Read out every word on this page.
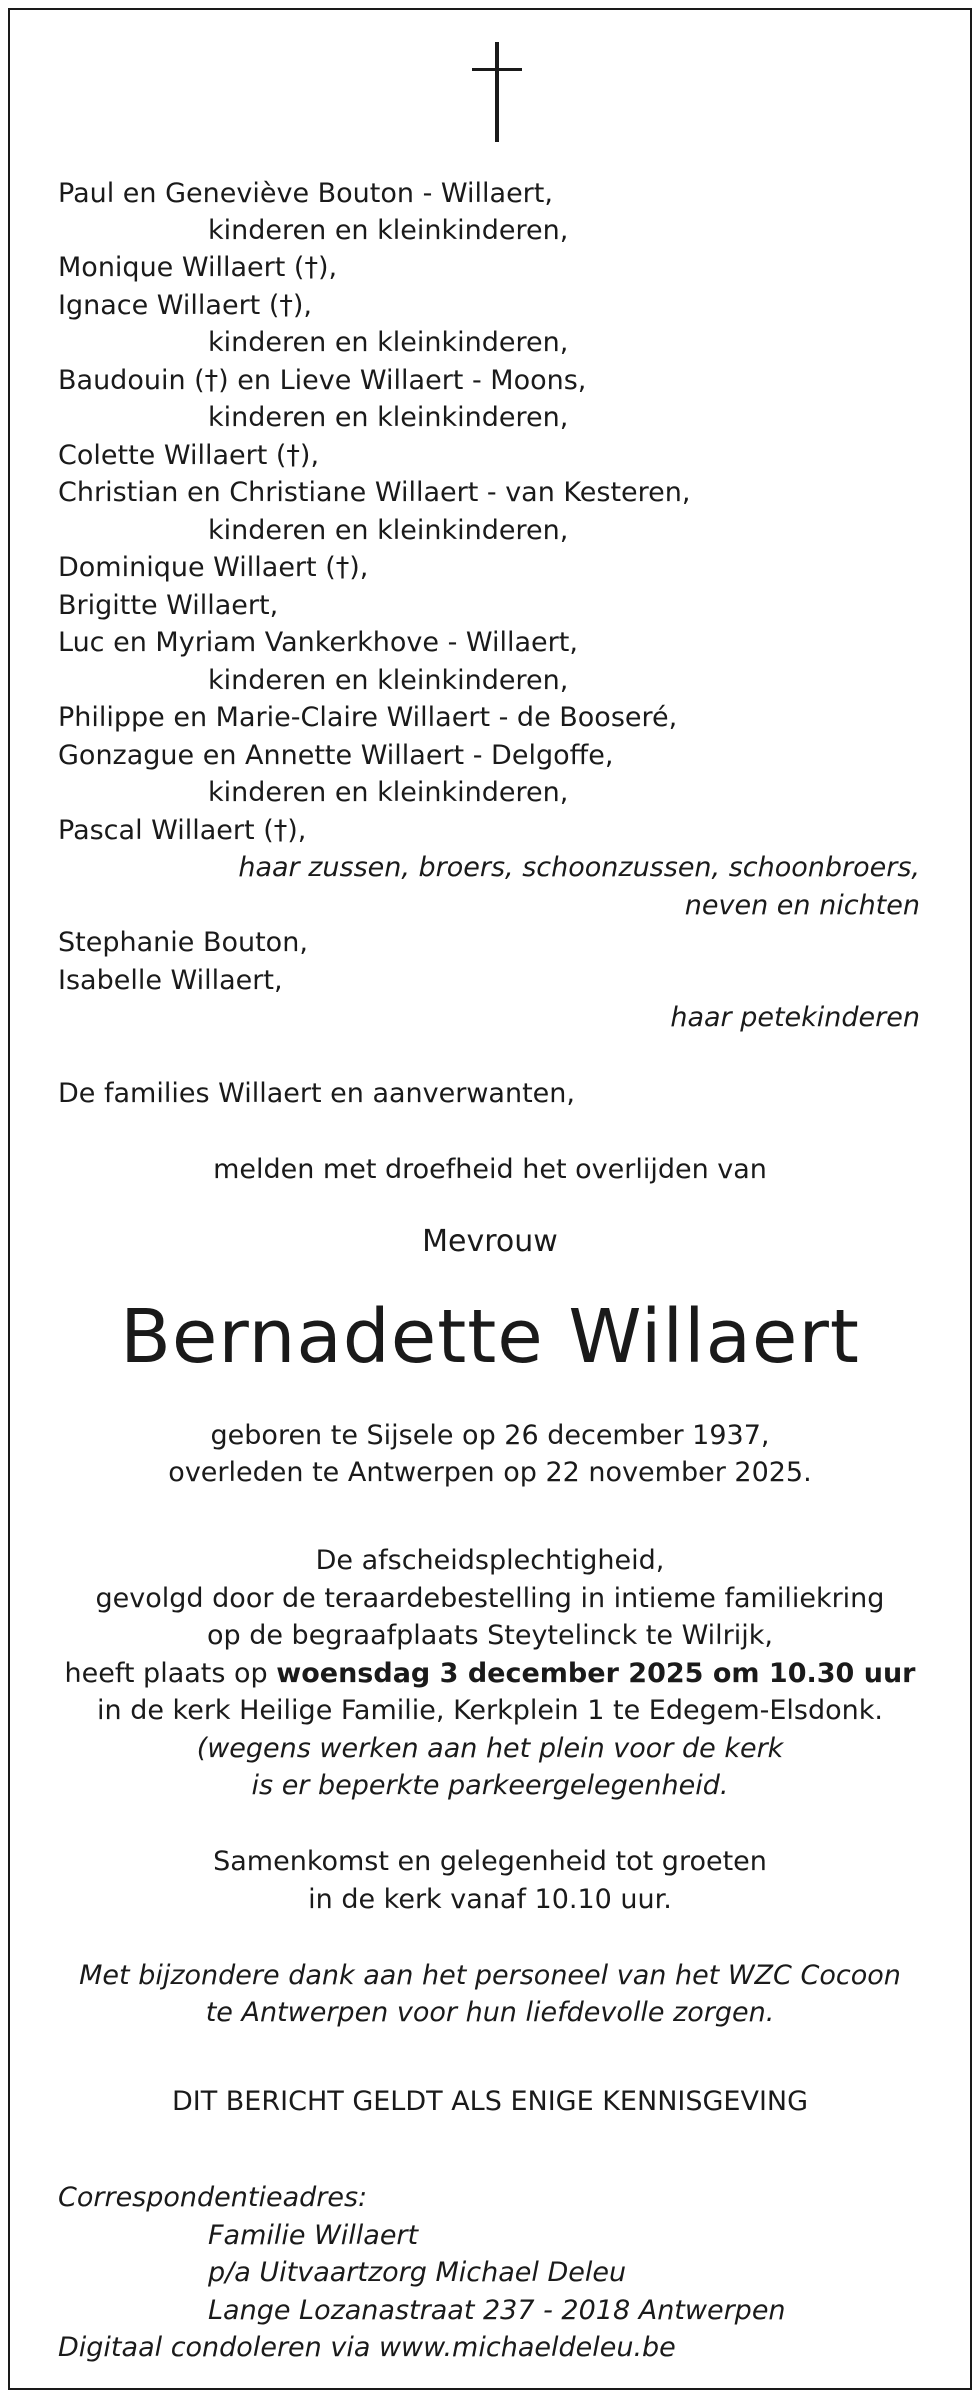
Paul en Geneviève Bouton - Willaert,
kinderen en kleinkinderen,
Monique Willaert (†),
Ignace Willaert (†),
kinderen en kleinkinderen,
Baudouin (†) en Lieve Willaert - Moons,
kinderen en kleinkinderen,
Colette Willaert (†),
Christian en Christiane Willaert - van Kesteren,
kinderen en kleinkinderen,
Dominique Willaert (†),
Brigitte Willaert,
Luc en Myriam Vankerkhove - Willaert,
kinderen en kleinkinderen,
Philippe en Marie-Claire Willaert - de Booseré,
Gonzague en Annette Willaert - Delgoffe,
kinderen en kleinkinderen,
Pascal Willaert (†),
haar zussen, broers, schoonzussen, schoonbroers,
neven en nichten
Stephanie Bouton,
Isabelle Willaert,
haar petekinderen
De families Willaert en aanverwanten,
melden met droefheid het overlijden van
Mevrouw
Bernadette Willaert
geboren te Sijsele op 26 december 1937,
overleden te Antwerpen op 22 november 2025.
De afscheidsplechtigheid,
gevolgd door de teraardebestelling in intieme familiekring
op de begraafplaats Steytelinck te Wilrijk,
heeft plaats op woensdag 3 december 2025 om 10.30 uur
in de kerk Heilige Familie, Kerkplein 1 te Edegem-Elsdonk.
(wegens werken aan het plein voor de kerk
is er beperkte parkeergelegenheid.
Samenkomst en gelegenheid tot groeten
in de kerk vanaf 10.10 uur.
Met bijzondere dank aan het personeel van het WZC Cocoon
te Antwerpen voor hun liefdevolle zorgen.
DIT BERICHT GELDT ALS ENIGE KENNISGEVING
Correspondentieadres:
Familie Willaert
p/a Uitvaartzorg Michael Deleu
Lange Lozanastraat 237 - 2018 Antwerpen
Digitaal condoleren via www.michaeldeleu.be
